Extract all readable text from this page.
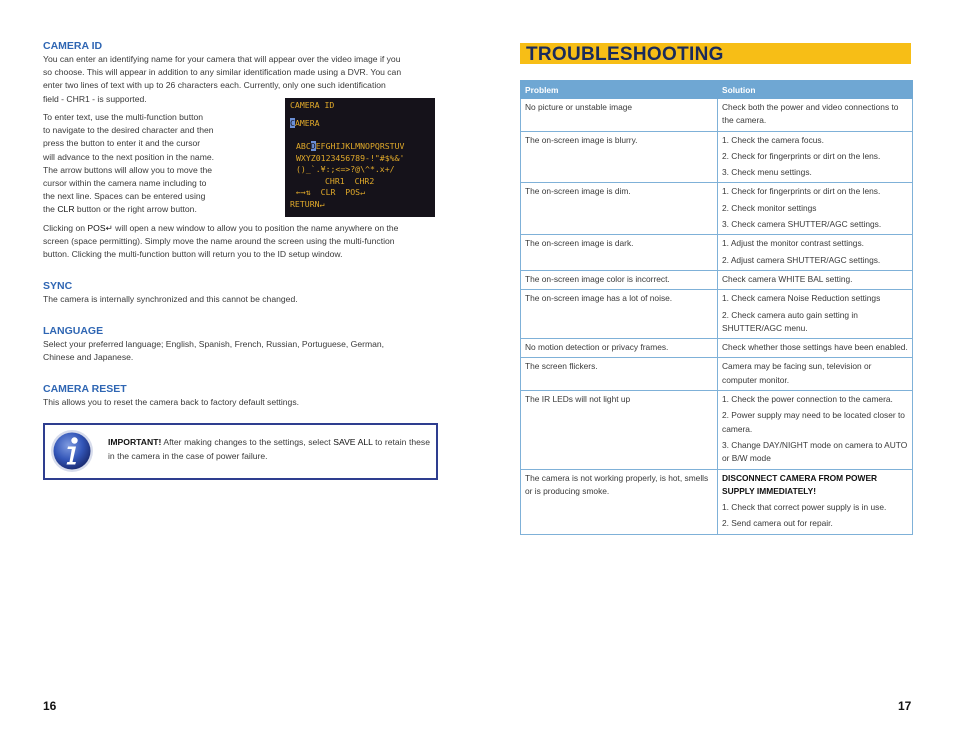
CAMERA ID

You can enter an identifying name for your camera that will appear over the video image if you

so choose. This will appear in addition to any similar identification made using a DVR. You can

enter two lines of text with up to 26 characters each. Currently, only one such identification

field - CHR1 - is supported.

To enter text, use the multi-function button

to navigate to the desired character and then

press the button to enter it and the cursor

will advance to the next position in the name.

The arrow buttons will allow you to move the

cursor within the camera name including to

the next line. Spaces can be entered using

the CLR button or the right arrow button.

CAMERA ID
CAMERA
ABCDEFGHIJKLMNOPQRSTUV
WXYZ0123456789-!"#$%&'
()_`.¥:;<=>?@\^*.x+/
CHR1  CHR2
←→⇅  CLR  POS↵
RETURN↵

Clicking on POS↵ will open a new window to allow you to position the name anywhere on the

screen (space permitting). Simply move the name around the screen using the multi-function

button. Clicking the multi-function button will return you to the ID setup window.

SYNC

The camera is internally synchronized and this cannot be changed.

LANGUAGE

Select your preferred language; English, Spanish, French, Russian, Portuguese, German,

Chinese and Japanese.

CAMERA RESET

This allows you to reset the camera back to factory default settings.

IMPORTANT! After making changes to the settings, select SAVE ALL to retain these in the camera in the case of power failure.
16
TROUBLESHOOTING
Problem	Solution
No picture or unstable image	Check both the power and video connections to the camera.

The on-screen image is blurry.	1. Check the camera focus.
2. Check for fingerprints or dirt on the lens.
3. Check menu settings.

The on-screen image is dim.	1. Check for fingerprints or dirt on the lens.
2. Check monitor settings
3. Check camera SHUTTER/AGC settings.

The on-screen image is dark.	1. Adjust the monitor contrast settings.
2. Adjust camera SHUTTER/AGC settings.

The on-screen image color is incorrect.	Check camera WHITE BAL setting.

The on-screen image has a lot of noise.	1. Check camera Noise Reduction settings
2. Check camera auto gain setting in SHUTTER/AGC menu.

No motion detection or privacy frames.	Check whether those settings have been enabled.

The screen flickers.	Camera may be facing sun, television or computer monitor.

The IR LEDs will not light up	1. Check the power connection to the camera.
2. Power supply may need to be located closer to camera.
3. Change DAY/NIGHT mode on camera to AUTO or B/W mode

The camera is not working properly, is hot, smells or is producing smoke.	DISCONNECT CAMERA FROM POWER SUPPLY IMMEDIATELY!
1. Check that correct power supply is in use.
2. Send camera out for repair.
17
